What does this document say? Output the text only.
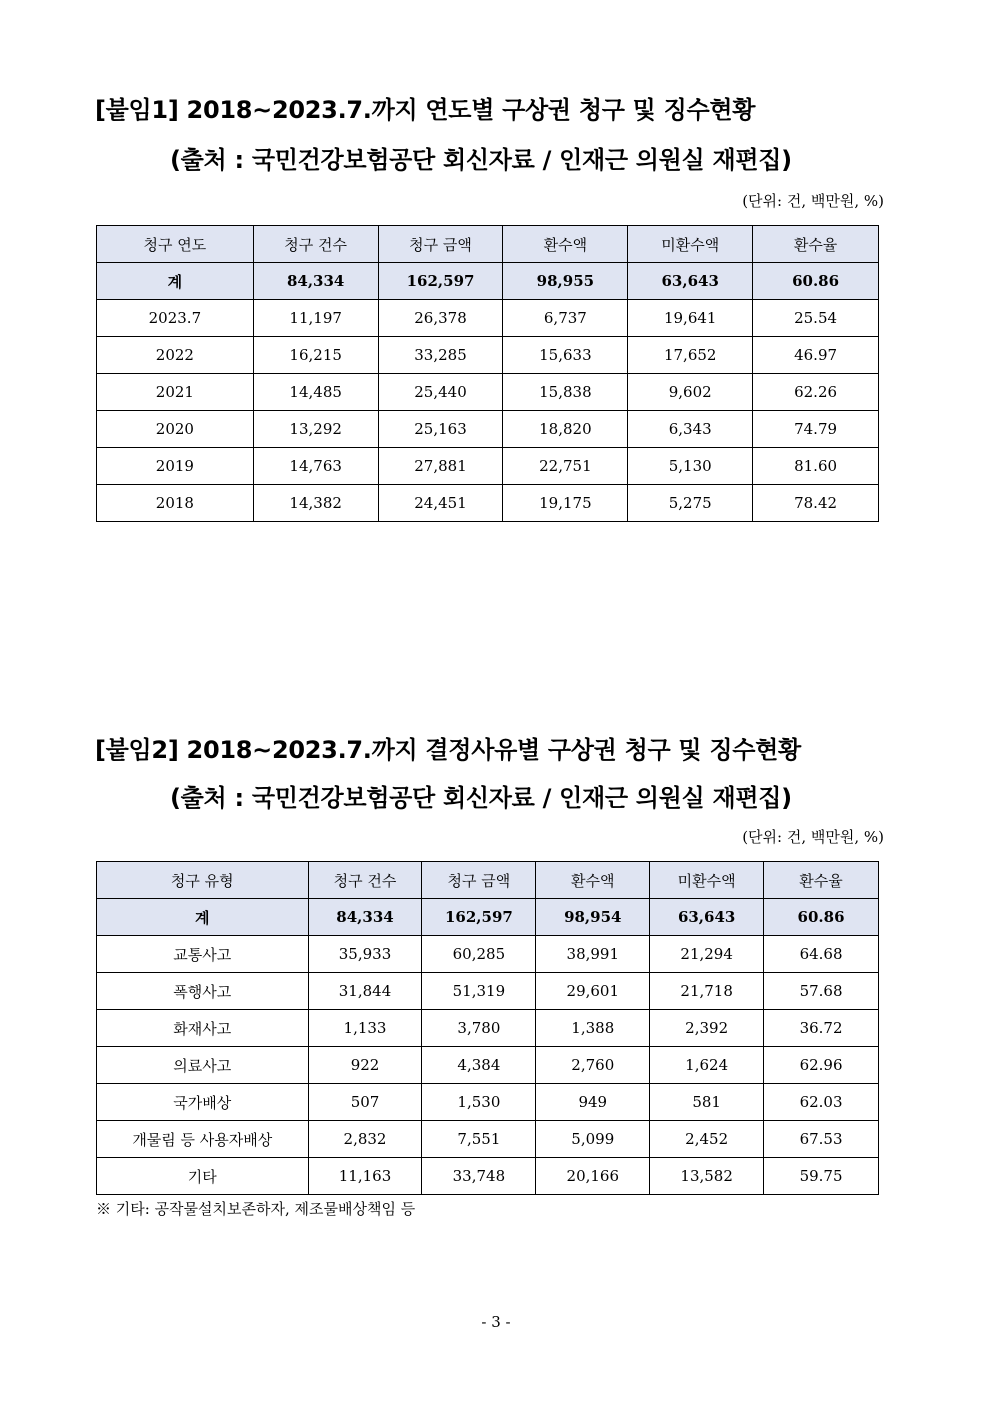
[붙임1] 2018~2023.7.까지 연도별 구상권 청구 및 징수현황
(출처 : 국민건강보험공단 회신자료 / 인재근 의원실 재편집)
(단위: 건, 백만원, %)
청구 연도	청구 건수	청구 금액	환수액	미환수액	환수율
계	84,334	162,597	98,955	63,643	60.86
2023.7	11,197	26,378	6,737	19,641	25.54
2022	16,215	33,285	15,633	17,652	46.97
2021	14,485	25,440	15,838	9,602	62.26
2020	13,292	25,163	18,820	6,343	74.79
2019	14,763	27,881	22,751	5,130	81.60
2018	14,382	24,451	19,175	5,275	78.42
[붙임2] 2018~2023.7.까지 결정사유별 구상권 청구 및 징수현황
(출처 : 국민건강보험공단 회신자료 / 인재근 의원실 재편집)
(단위: 건, 백만원, %)
청구 유형	청구 건수	청구 금액	환수액	미환수액	환수율
계	84,334	162,597	98,954	63,643	60.86
교통사고	35,933	60,285	38,991	21,294	64.68
폭행사고	31,844	51,319	29,601	21,718	57.68
화재사고	1,133	3,780	1,388	2,392	36.72
의료사고	922	4,384	2,760	1,624	62.96
국가배상	507	1,530	949	581	62.03
개물림 등 사용자배상	2,832	7,551	5,099	2,452	67.53
기타	11,163	33,748	20,166	13,582	59.75
※ 기타: 공작물설치보존하자, 제조물배상책임 등
- 3 -
